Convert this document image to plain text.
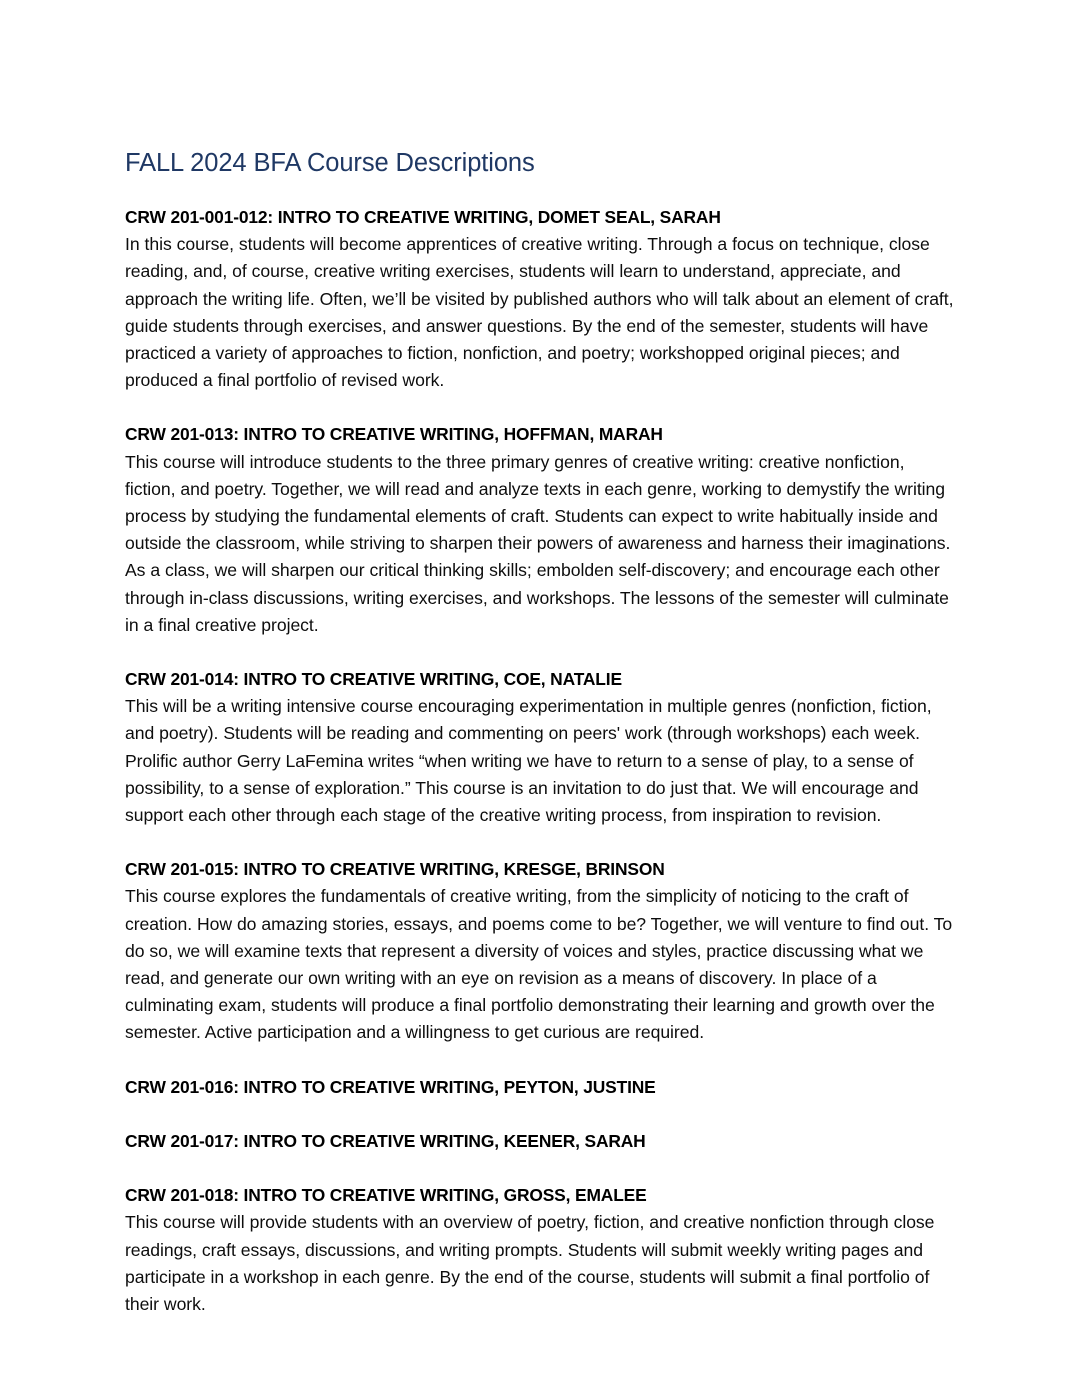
FALL 2024 BFA Course Descriptions

CRW 201-001-012: INTRO TO CREATIVE WRITING, DOMET SEAL, SARAH

In this course, students will become apprentices of creative writing. Through a focus on technique, close reading, and, of course, creative writing exercises, students will learn to understand, appreciate, and approach the writing life. Often, we’ll be visited by published authors who will talk about an element of craft, guide students through exercises, and answer questions. By the end of the semester, students will have practiced a variety of approaches to fiction, nonfiction, and poetry; workshopped original pieces; and produced a final portfolio of revised work.

CRW 201-013: INTRO TO CREATIVE WRITING, HOFFMAN, MARAH

This course will introduce students to the three primary genres of creative writing: creative nonfiction, fiction, and poetry. Together, we will read and analyze texts in each genre, working to demystify the writing process by studying the fundamental elements of craft. Students can expect to write habitually inside and outside the classroom, while striving to sharpen their powers of awareness and harness their imaginations. As a class, we will sharpen our critical thinking skills; embolden self-discovery; and encourage each other through in-class discussions, writing exercises, and workshops. The lessons of the semester will culminate in a final creative project.

CRW 201-014: INTRO TO CREATIVE WRITING, COE, NATALIE

This will be a writing intensive course encouraging experimentation in multiple genres (nonfiction, fiction, and poetry). Students will be reading and commenting on peers' work (through workshops) each week. Prolific author Gerry LaFemina writes “when writing we have to return to a sense of play, to a sense of possibility, to a sense of exploration.” This course is an invitation to do just that. We will encourage and support each other through each stage of the creative writing process, from inspiration to revision.

CRW 201-015: INTRO TO CREATIVE WRITING, KRESGE, BRINSON

This course explores the fundamentals of creative writing, from the simplicity of noticing to the craft of creation. How do amazing stories, essays, and poems come to be? Together, we will venture to find out. To do so, we will examine texts that represent a diversity of voices and styles, practice discussing what we read, and generate our own writing with an eye on revision as a means of discovery. In place of a culminating exam, students will produce a final portfolio demonstrating their learning and growth over the semester. Active participation and a willingness to get curious are required.

CRW 201-016: INTRO TO CREATIVE WRITING, PEYTON, JUSTINE

CRW 201-017: INTRO TO CREATIVE WRITING, KEENER, SARAH

CRW 201-018: INTRO TO CREATIVE WRITING, GROSS, EMALEE

This course will provide students with an overview of poetry, fiction, and creative nonfiction through close readings, craft essays, discussions, and writing prompts. Students will submit weekly writing pages and participate in a workshop in each genre. By the end of the course, students will submit a final portfolio of their work.
